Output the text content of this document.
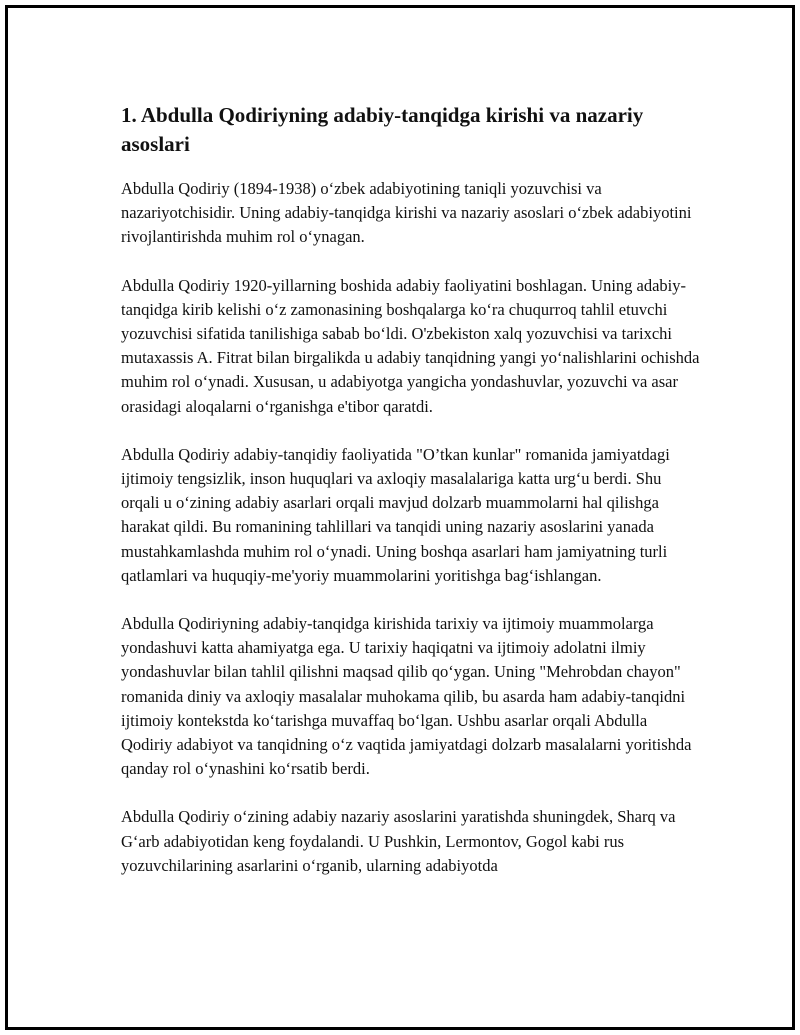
1. Abdulla Qodiriyning adabiy-tanqidga kirishi va nazariy asoslari

Abdulla Qodiriy (1894-1938) o‘zbek adabiyotining taniqli yozuvchisi va nazariyotchisidir. Uning adabiy-tanqidga kirishi va nazariy asoslari o‘zbek adabiyotini rivojlantirishda muhim rol o‘ynagan.

Abdulla Qodiriy 1920-yillarning boshida adabiy faoliyatini boshlagan. Uning adabiy-tanqidga kirib kelishi o‘z zamonasining boshqalarga ko‘ra chuqurroq tahlil etuvchi yozuvchisi sifatida tanilishiga sabab bo‘ldi. O'zbekiston xalq yozuvchisi va tarixchi mutaxassis A. Fitrat bilan birgalikda u adabiy tanqidning yangi yo‘nalishlarini ochishda muhim rol o‘ynadi. Xususan, u adabiyotga yangicha yondashuvlar, yozuvchi va asar orasidagi aloqalarni o‘rganishga e'tibor qaratdi.

Abdulla Qodiriy adabiy-tanqidiy faoliyatida "O’tkan kunlar" romanida jamiyatdagi ijtimoiy tengsizlik, inson huquqlari va axloqiy masalalariga katta urg‘u berdi. Shu orqali u o‘zining adabiy asarlari orqali mavjud dolzarb muammolarni hal qilishga harakat qildi. Bu romanining tahlillari va tanqidi uning nazariy asoslarini yanada mustahkamlashda muhim rol o‘ynadi. Uning boshqa asarlari ham jamiyatning turli qatlamlari va huquqiy-me'yoriy muammolarini yoritishga bag‘ishlangan.

Abdulla Qodiriyning adabiy-tanqidga kirishida tarixiy va ijtimoiy muammolarga yondashuvi katta ahamiyatga ega. U tarixiy haqiqatni va ijtimoiy adolatni ilmiy yondashuvlar bilan tahlil qilishni maqsad qilib qo‘ygan. Uning "Mehrobdan chayon" romanida diniy va axloqiy masalalar muhokama qilib, bu asarda ham adabiy-tanqidni ijtimoiy kontekstda ko‘tarishga muvaffaq bo‘lgan. Ushbu asarlar orqali Abdulla Qodiriy adabiyot va tanqidning o‘z vaqtida jamiyatdagi dolzarb masalalarni yoritishda qanday rol o‘ynashini ko‘rsatib berdi.

Abdulla Qodiriy o‘zining adabiy nazariy asoslarini yaratishda shuningdek, Sharq va G‘arb adabiyotidan keng foydalandi. U Pushkin, Lermontov, Gogol kabi rus yozuvchilarining asarlarini o‘rganib, ularning adabiyotda
